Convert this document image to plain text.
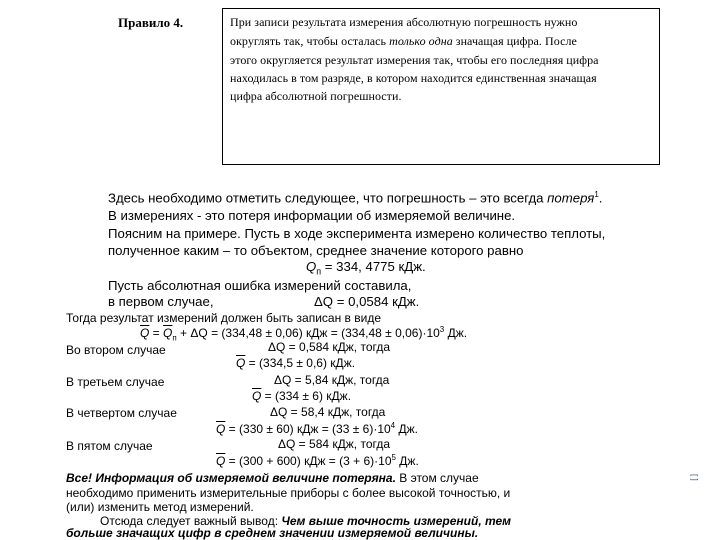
Правило 4.	При записи результата измерения абсолютную погрешность нужно
округлять так, чтобы осталась только одна значащая цифра. После
этого округляется результат измерения так, чтобы его последняя цифра
находилась в том разряде, в котором находится единственная значащая
цифра абсолютной погрешности.
Здесь необходимо отметить следующее, что погрешность – это всегда потеря$^1$.
В измерениях - это потеря информации об измеряемой величине.
Поясним на примере. Пусть в ходе эксперимента измерено количество теплоты,
полученное каким – то объектом, среднее значение которого равно
$Q_п = 334$, 4775 кДж.
Пусть абсолютная ошибка измерений составила,
в первом случае,	ΔQ = 0,0584 кДж.
Тогда результат измерений должен быть записан в виде
$\overline{Q} = \overline{Q}_п + \Delta Q = (334,48 \pm 0,06)$ кДж = $(334,48 \pm 0,06)\cdot 10^3$ Дж.
Во втором случае	ΔQ = 0,584 кДж, тогда
$\overline{Q} = (334,5 \pm 0,6)$ кДж.
В третьем случае	ΔQ = 5,84 кДж, тогда
$\overline{Q} = (334 \pm 6)$ кДж.
В четвертом случае	ΔQ = 58,4 кДж, тогда
$\overline{Q} = (330 \pm 60)$ кДж = $(33 \pm 6)\cdot 10^4$ Дж.
В пятом случае	ΔQ = 584 кДж, тогда
$\overline{Q} = (300 + 600)$ кДж = $(3 + 6)\cdot 10^5$ Дж.
Все! Информация об измеряемой величине потеряна. В этом случае
необходимо применить измерительные приборы с более высокой точностью, и
(или) изменить метод измерений.
Отсюда следует важный вывод: Чем выше точность измерений, тем
больше значащих цифр в среднем значении измеряемой величины.
[ ]
